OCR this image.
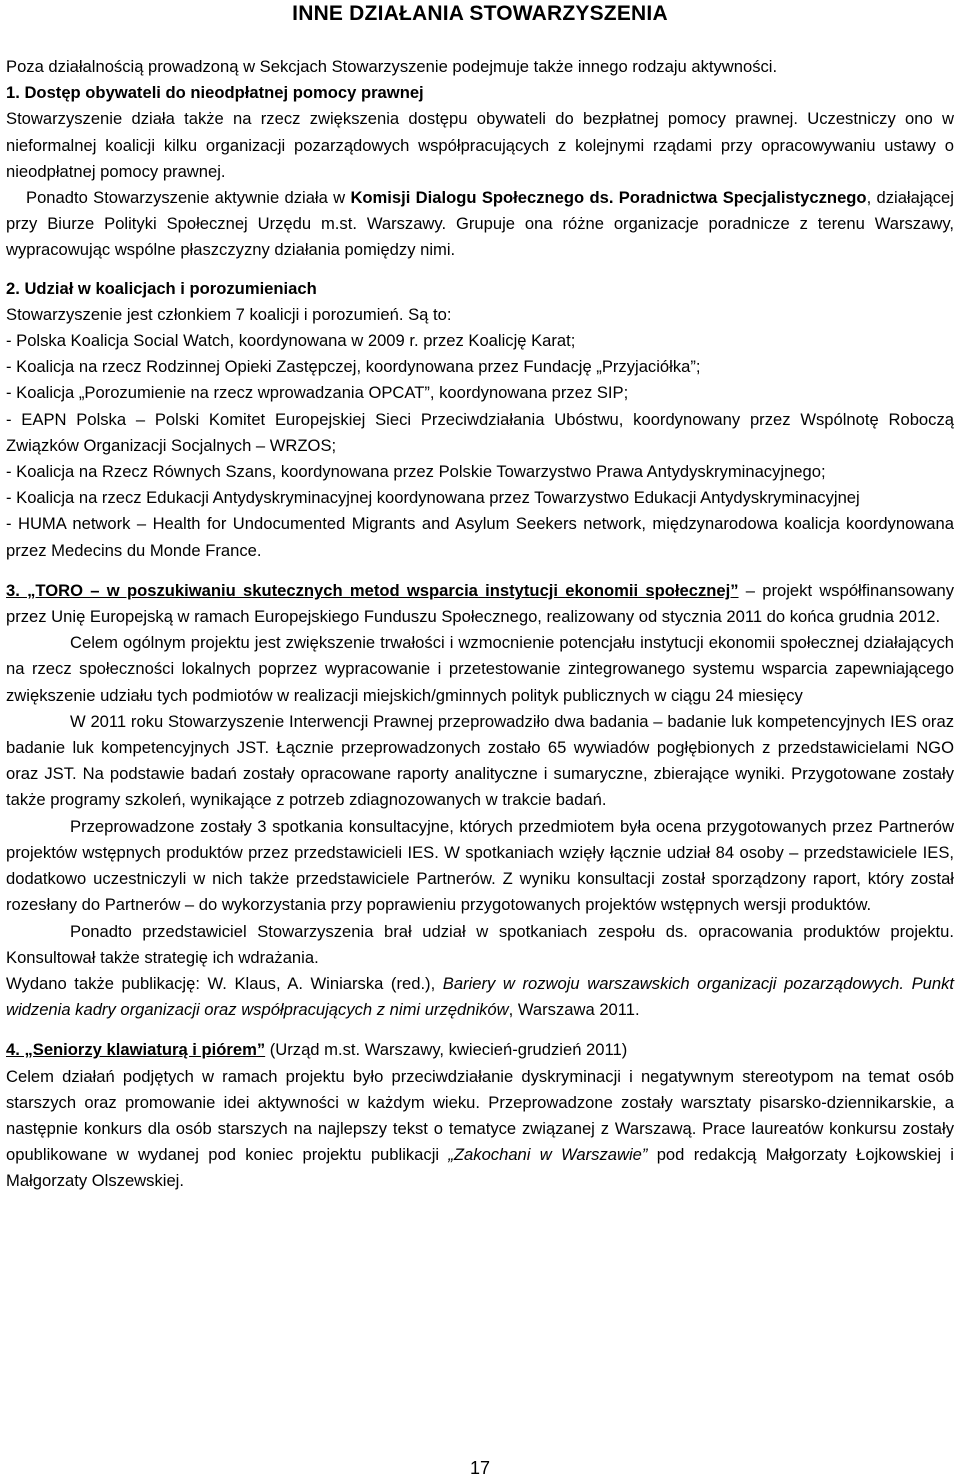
INNE DZIAŁANIA STOWARZYSZENIA

Poza działalnością prowadzoną w Sekcjach Stowarzyszenie podejmuje także innego rodzaju aktywności.

1. Dostęp obywateli do nieodpłatnej pomocy prawnej

Stowarzyszenie działa także na rzecz zwiększenia dostępu obywateli do bezpłatnej pomocy prawnej. Uczestniczy ono w nieformalnej koalicji kilku organizacji pozarządowych współpracujących z kolejnymi rządami przy opracowywaniu ustawy o nieodpłatnej pomocy prawnej.

Ponadto Stowarzyszenie aktywnie działa w Komisji Dialogu Społecznego ds. Poradnictwa Specjalistycznego, działającej przy Biurze Polityki Społecznej Urzędu m.st. Warszawy. Grupuje ona różne organizacje poradnicze z terenu Warszawy, wypracowując wspólne płaszczyzny działania pomiędzy nimi.

2. Udział w koalicjach i porozumieniach

Stowarzyszenie jest członkiem 7 koalicji i porozumień. Są to:

- Polska Koalicja Social Watch, koordynowana w 2009 r. przez Koalicję Karat;

- Koalicja na rzecz Rodzinnej Opieki Zastępczej, koordynowana przez Fundację „Przyjaciółka”;

- Koalicja „Porozumienie na rzecz wprowadzania OPCAT”, koordynowana przez SIP;

- EAPN Polska – Polski Komitet Europejskiej Sieci Przeciwdziałania Ubóstwu, koordynowany przez Wspólnotę Roboczą Związków Organizacji Socjalnych – WRZOS;

- Koalicja na Rzecz Równych Szans, koordynowana przez Polskie Towarzystwo Prawa Antydyskryminacyjnego;

- Koalicja na rzecz Edukacji Antydyskryminacyjnej koordynowana przez Towarzystwo Edukacji Antydyskryminacyjnej

- HUMA network – Health for Undocumented Migrants and Asylum Seekers network, międzynarodowa koalicja koordynowana przez Medecins du Monde France.

3. „TORO – w poszukiwaniu skutecznych metod wsparcia instytucji ekonomii społecznej” – projekt współfinansowany przez Unię Europejską w ramach Europejskiego Funduszu Społecznego, realizowany od stycznia 2011 do końca grudnia 2012.

Celem ogólnym projektu jest zwiększenie trwałości i wzmocnienie potencjału instytucji ekonomii społecznej działających na rzecz społeczności lokalnych poprzez wypracowanie i przetestowanie zintegrowanego systemu wsparcia zapewniającego zwiększenie udziału tych podmiotów w realizacji miejskich/gminnych polityk publicznych w ciągu 24 miesięcy

W 2011 roku Stowarzyszenie Interwencji Prawnej przeprowadziło dwa badania – badanie luk kompetencyjnych IES oraz badanie luk kompetencyjnych JST. Łącznie przeprowadzonych zostało 65 wywiadów pogłębionych z przedstawicielami NGO oraz JST. Na podstawie badań zostały opracowane raporty analityczne i sumaryczne, zbierające wyniki. Przygotowane zostały także programy szkoleń, wynikające z potrzeb zdiagnozowanych w trakcie badań.

Przeprowadzone zostały 3 spotkania konsultacyjne, których przedmiotem była ocena przygotowanych przez Partnerów projektów wstępnych produktów przez przedstawicieli IES. W spotkaniach wzięły łącznie udział 84 osoby – przedstawiciele IES, dodatkowo uczestniczyli w nich także przedstawiciele Partnerów. Z wyniku konsultacji został sporządzony raport, który został rozesłany do Partnerów – do wykorzystania przy poprawieniu przygotowanych projektów wstępnych wersji produktów.

Ponadto przedstawiciel Stowarzyszenia brał udział w spotkaniach zespołu ds. opracowania produktów projektu. Konsultował także strategię ich wdrażania.

Wydano także publikację: W. Klaus, A. Winiarska (red.), Bariery w rozwoju warszawskich organizacji pozarządowych. Punkt widzenia kadry organizacji oraz współpracujących z nimi urzędników, Warszawa 2011.

4. „Seniorzy klawiaturą i piórem” (Urząd m.st. Warszawy, kwiecień-grudzień 2011)

Celem działań podjętych w ramach projektu było przeciwdziałanie dyskryminacji i negatywnym stereotypom na temat osób starszych oraz promowanie idei aktywności w każdym wieku. Przeprowadzone zostały warsztaty pisarsko-dziennikarskie, a następnie konkurs dla osób starszych na najlepszy tekst o tematyce związanej z Warszawą. Prace laureatów konkursu zostały opublikowane w wydanej pod koniec projektu publikacji „Zakochani w Warszawie” pod redakcją Małgorzaty Łojkowskiej i Małgorzaty Olszewskiej.

17
